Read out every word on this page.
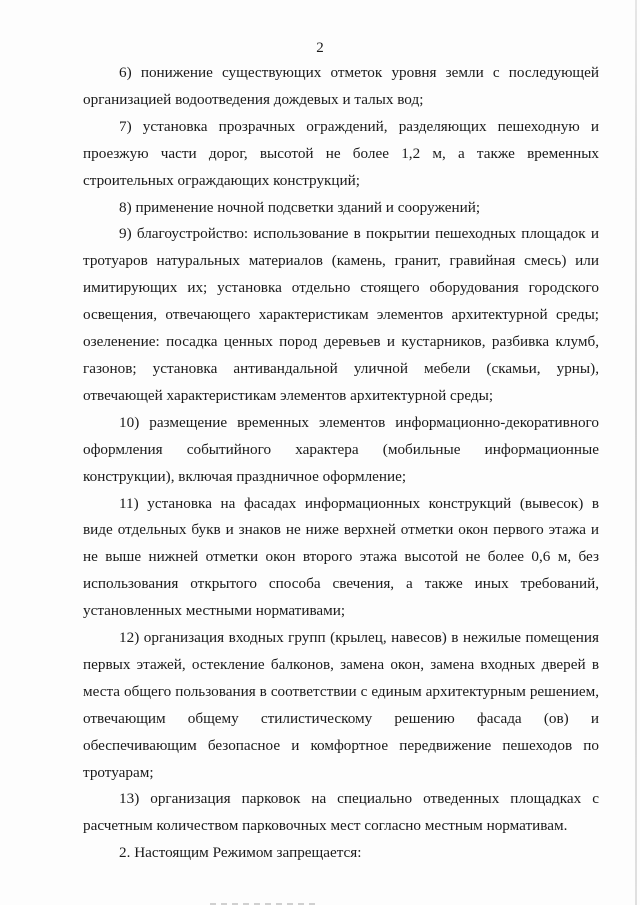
2

6) понижение существующих отметок уровня земли с последующей организацией водоотведения дождевых и талых вод;

7) установка прозрачных ограждений, разделяющих пешеходную и проезжую части дорог, высотой не более 1,2 м, а также временных строительных ограждающих конструкций;

8) применение ночной подсветки зданий и сооружений;

9) благоустройство: использование в покрытии пешеходных площадок и тротуаров натуральных материалов (камень, гранит, гравийная смесь) или имитирующих их; установка отдельно стоящего оборудования городского освещения, отвечающего характеристикам элементов архитектурной среды; озеленение: посадка ценных пород деревьев и кустарников, разбивка клумб, газонов; установка антивандальной уличной мебели (скамьи, урны), отвечающей характеристикам элементов архитектурной среды;

10) размещение временных элементов информационно-декоративного оформления событийного характера (мобильные информационные конструкции), включая праздничное оформление;

11) установка на фасадах информационных конструкций (вывесок) в виде отдельных букв и знаков не ниже верхней отметки окон первого этажа и не выше нижней отметки окон второго этажа высотой не более 0,6 м, без использования открытого способа свечения, а также иных требований, установленных местными нормативами;

12) организация входных групп (крылец, навесов) в нежилые помещения первых этажей, остекление балконов, замена окон, замена входных дверей в места общего пользования в соответствии с единым архитектурным решением, отвечающим общему стилистическому решению фасада (ов) и обеспечивающим безопасное и комфортное передвижение пешеходов по тротуарам;

13) организация парковок на специально отведенных площадках с расчетным количеством парковочных мест согласно местным нормативам.

2. Настоящим Режимом запрещается:
